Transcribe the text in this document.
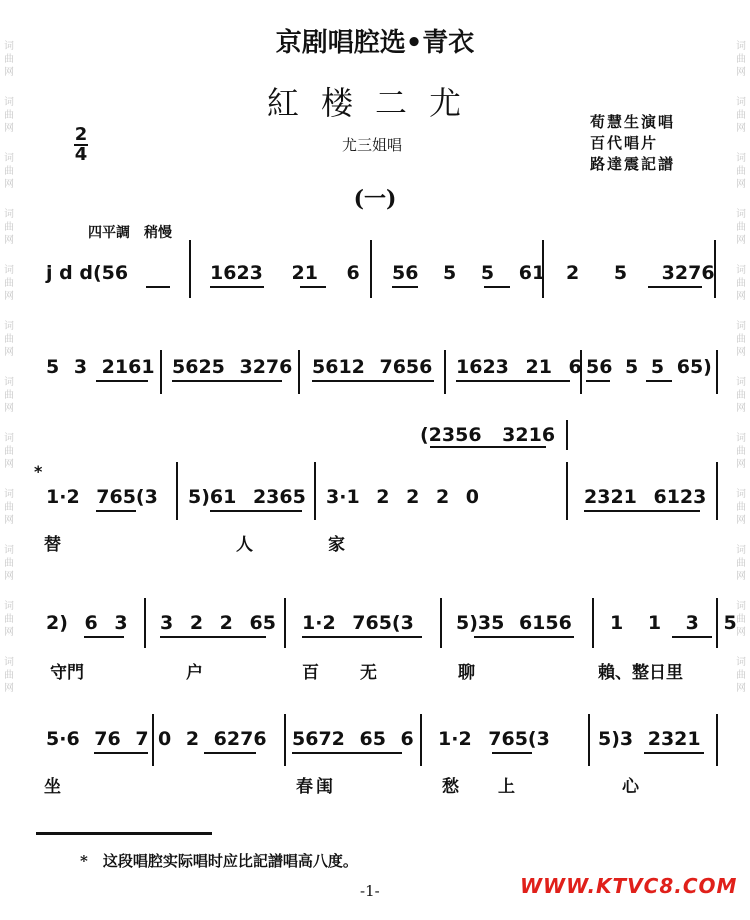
词曲网
词曲网
词曲网
词曲网
词曲网
词曲网
词曲网
词曲网
词曲网
词曲网
词曲网
词曲网
词曲网
词曲网
词曲网
词曲网
词曲网
词曲网
词曲网
词曲网
词曲网
词曲网
词曲网
词曲网
京剧唱腔选•青衣
紅楼二尤	荀慧生演唱
百代唱片
路達震記譜
尤三姐唱
2
4
(一)
四平調　稍慢
j d d(56	1623 21 6 56 5 5 61 2 5 3276
5 3 2161 5625 3276 5612 7656 1623 21 6 56 5 5 65)
(2356 3216
*
1·2 765(3 5)61 2365 3·1 2 2 2 0	2321 6123
替	人	家
2) 6 3 3 2 2 65 1·2 765(3 5)35 6156 1 1 3 5
守門	户	百 无	聊	賴、整日里
5·6 76 7 0 2 6276 5672 65 6 1·2 765(3	5)3 2321
坐	春 闺	愁 上	心
*　这段唱腔实际唱时应比記譜唱高八度。
-1-	WWW.KTVC8.COM
